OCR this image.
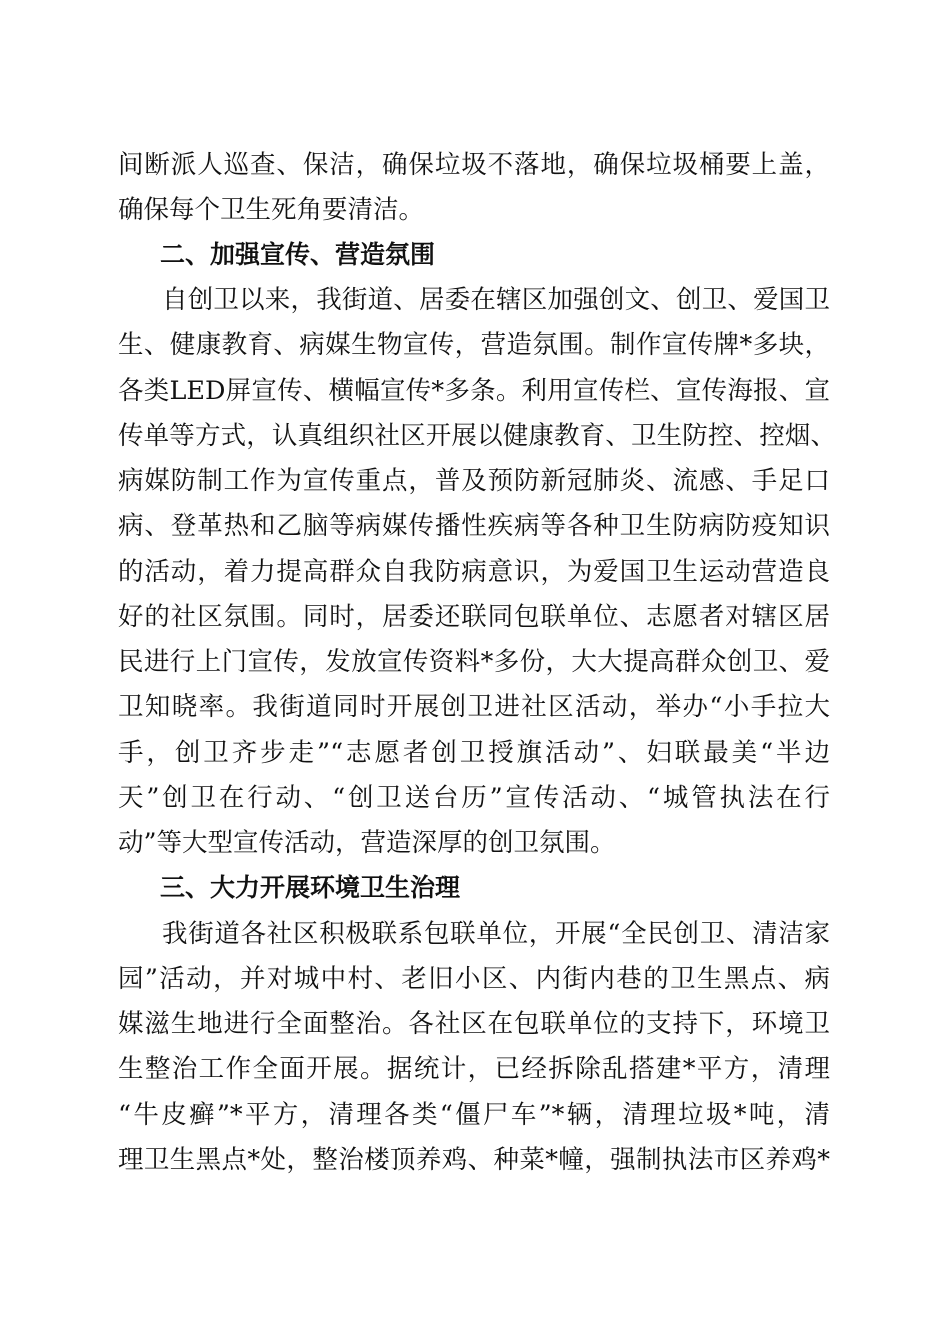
间断派人巡查、保洁，确保垃圾不落地，确保垃圾桶要上盖，
确保每个卫生死角要清洁。
二、加强宣传、营造氛围
自创卫以来，我街道、居委在辖区加强创文、创卫、爱国卫
生、健康教育、病媒生物宣传，营造氛围。制作宣传牌*多块，
各类LED屏宣传、横幅宣传*多条。利用宣传栏、宣传海报、宣
传单等方式，认真组织社区开展以健康教育、卫生防控、控烟、
病媒防制工作为宣传重点，普及预防新冠肺炎、流感、手足口
病、登革热和乙脑等病媒传播性疾病等各种卫生防病防疫知识
的活动，着力提高群众自我防病意识，为爱国卫生运动营造良
好的社区氛围。同时，居委还联同包联单位、志愿者对辖区居
民进行上门宣传，发放宣传资料*多份，大大提高群众创卫、爱
卫知晓率。我街道同时开展创卫进社区活动，举办“小手拉大
手，创卫齐步走”“志愿者创卫授旗活动”、妇联最美“半边
天”创卫在行动、“创卫送台历”宣传活动、“城管执法在行
动”等大型宣传活动，营造深厚的创卫氛围。
三、大力开展环境卫生治理
我街道各社区积极联系包联单位，开展“全民创卫、清洁家
园”活动，并对城中村、老旧小区、内街内巷的卫生黑点、病
媒滋生地进行全面整治。各社区在包联单位的支持下，环境卫
生整治工作全面开展。据统计，已经拆除乱搭建*平方，清理
“牛皮癣”*平方，清理各类“僵尸车”*辆，清理垃圾*吨，清
理卫生黑点*处，整治楼顶养鸡、种菜*幢，强制执法市区养鸡*
